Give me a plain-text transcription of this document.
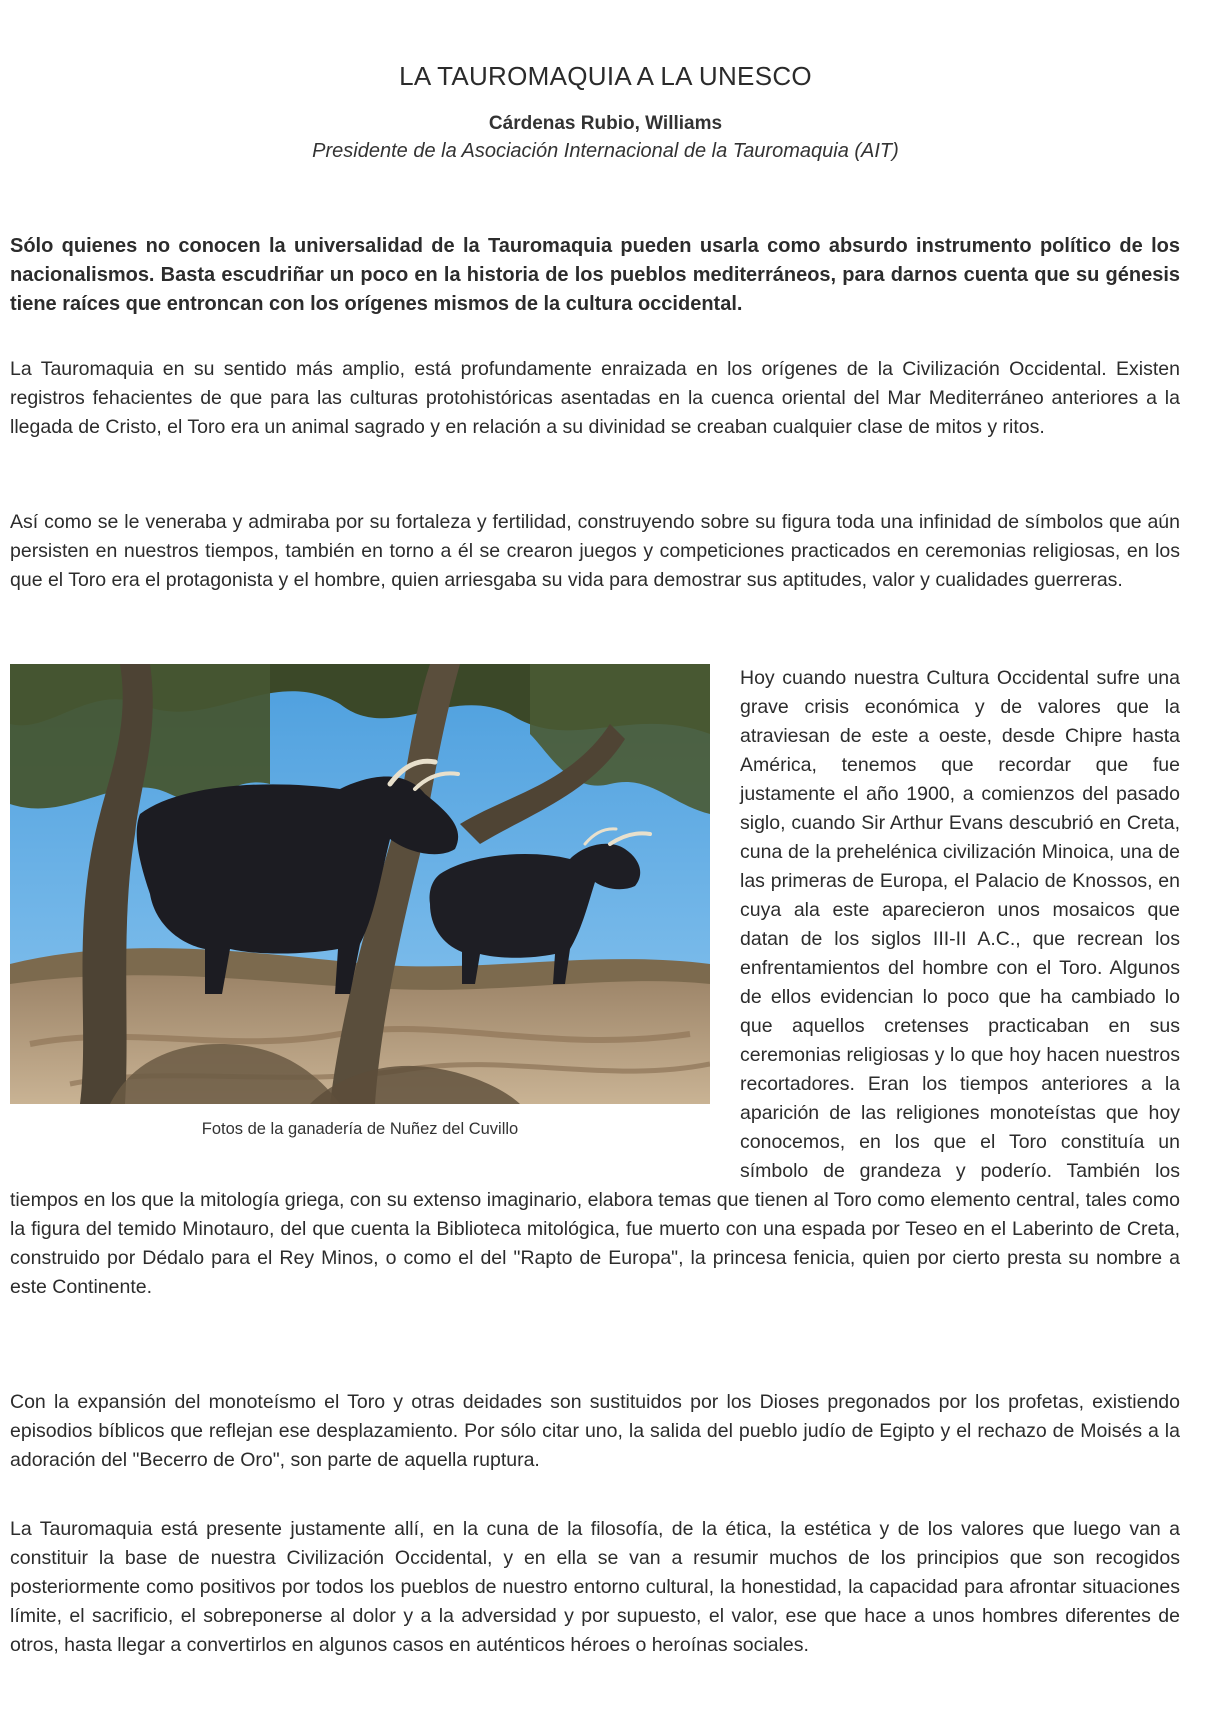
LA TAUROMAQUIA A LA UNESCO
Cárdenas Rubio, Williams
Presidente de la Asociación Internacional de la Tauromaquia (AIT)

Sólo quienes no conocen la universalidad de la Tauromaquia pueden usarla como absurdo instrumento político de los nacionalismos. Basta escudriñar un poco en la historia de los pueblos mediterráneos, para darnos cuenta que su génesis tiene raíces que entroncan con los orígenes mismos de la cultura occidental.

La Tauromaquia en su sentido más amplio, está profundamente enraizada en los orígenes de la Civilización Occidental. Existen registros fehacientes de que para las culturas protohistóricas asentadas en la cuenca oriental del Mar Mediterráneo anteriores a la llegada de Cristo, el Toro era un animal sagrado y en relación a su divinidad se creaban cualquier clase de mitos y ritos.

Así como se le veneraba y admiraba por su fortaleza y fertilidad, construyendo sobre su figura toda una infinidad de símbolos que aún persisten en nuestros tiempos, también en torno a él se crearon juegos y competiciones practicados en ceremonias religiosas, en los que el Toro era el protagonista y el hombre, quien arriesgaba su vida para demostrar sus aptitudes, valor y cualidades guerreras.

Fotos de la ganadería de Nuñez del Cuvillo
Hoy cuando nuestra Cultura Occidental sufre una grave crisis económica y de valores que la atraviesan de este a oeste, desde Chipre hasta América, tenemos que recordar que fue justamente el año 1900, a comienzos del pasado siglo, cuando Sir Arthur Evans descubrió en Creta, cuna de la prehelénica civilización Minoica, una de las primeras de Europa, el Palacio de Knossos, en cuya ala este aparecieron unos mosaicos que datan de los siglos III-II A.C., que recrean los enfrentamientos del hombre con el Toro. Algunos de ellos evidencian lo poco que ha cambiado lo que aquellos cretenses practicaban en sus ceremonias religiosas y lo que hoy hacen nuestros recortadores. Eran los tiempos anteriores a la aparición de las religiones monoteístas que hoy conocemos, en los que el Toro constituía un símbolo de grandeza y poderío. También los tiempos en los que la mitología griega, con su extenso imaginario, elabora temas que tienen al Toro como elemento central, tales como la figura del temido Minotauro, del que cuenta la Biblioteca mitológica, fue muerto con una espada por Teseo en el Laberinto de Creta, construido por Dédalo para el Rey Minos, o como el del "Rapto de Europa", la princesa fenicia, quien por cierto presta su nombre a este Continente.

Con la expansión del monoteísmo el Toro y otras deidades son sustituidos por los Dioses pregonados por los profetas, existiendo episodios bíblicos que reflejan ese desplazamiento. Por sólo citar uno, la salida del pueblo judío de Egipto y el rechazo de Moisés a la adoración del "Becerro de Oro", son parte de aquella ruptura.

La Tauromaquia está presente justamente allí, en la cuna de la filosofía, de la ética, la estética y de los valores que luego van a constituir la base de nuestra Civilización Occidental, y en ella se van a resumir muchos de los principios que son recogidos posteriormente como positivos por todos los pueblos de nuestro entorno cultural, la honestidad, la capacidad para afrontar situaciones límite, el sacrificio, el sobreponerse al dolor y a la adversidad y por supuesto, el valor, ese que hace a unos hombres diferentes de otros, hasta llegar a convertirlos en algunos casos en auténticos héroes o heroínas sociales.
